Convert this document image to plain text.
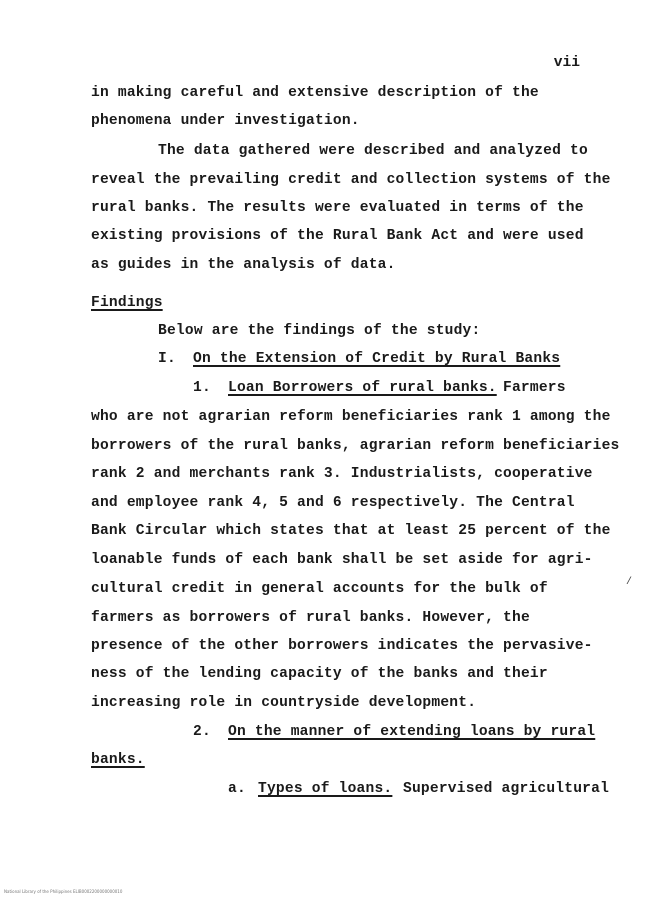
vii
in making careful and extensive description of the
phenomena under investigation.
The data gathered were described and analyzed to
reveal the prevailing credit and collection systems of the
rural banks. The results were evaluated in terms of the
existing provisions of the Rural Bank Act and were used
as guides in the analysis of data.
Findings
Below are the findings of the study:
I. On the Extension of Credit by Rural Banks
1. Loan Borrowers of rural banks. Farmers
who are not agrarian reform beneficiaries rank 1 among the
borrowers of the rural banks, agrarian reform beneficiaries
rank 2 and merchants rank 3. Industrialists, cooperative
and employee rank 4, 5 and 6 respectively. The Central
Bank Circular which states that at least 25 percent of the
loanable funds of each bank shall be set aside for agri-
cultural credit in general accounts for the bulk of
farmers as borrowers of rural banks. However, the
presence of the other borrowers indicates the pervasive-
ness of the lending capacity of the banks and their
increasing role in countryside development.
2. On the manner of extending loans by rural
banks.
a. Types of loans. Supervised agricultural
/
National Library of the Philippines ELIB0002200000000010
